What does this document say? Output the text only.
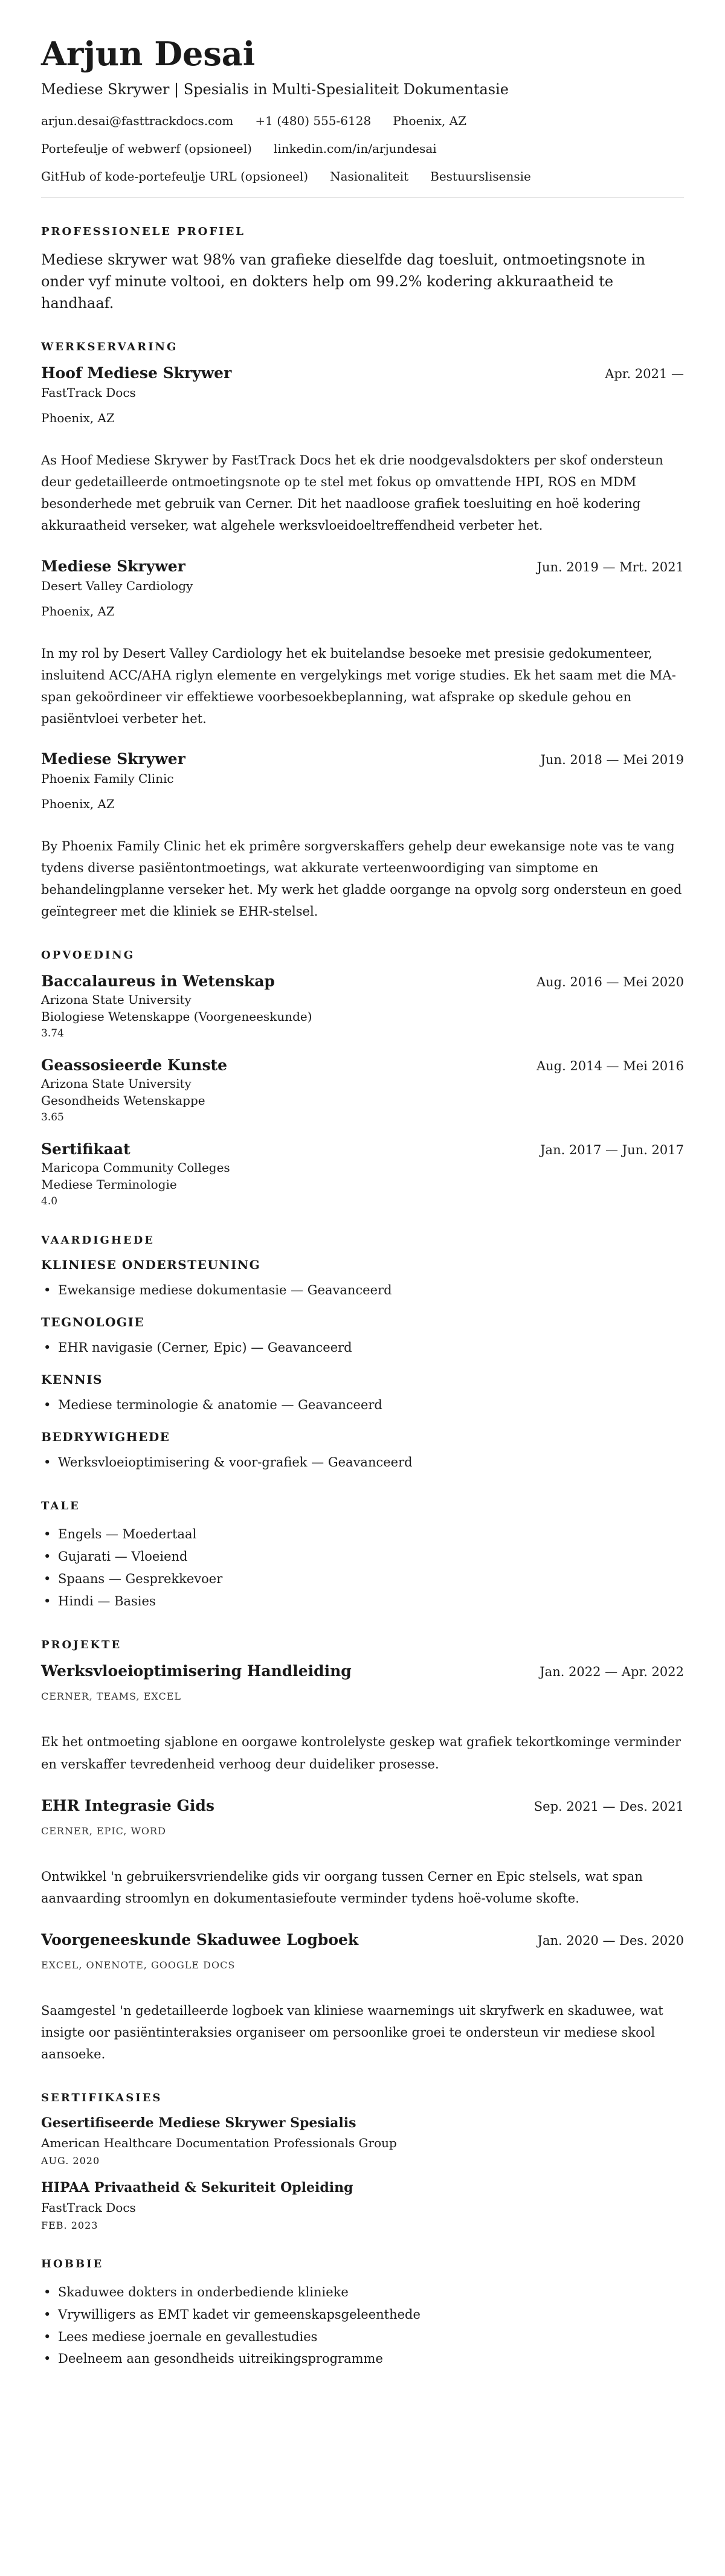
Arjun Desai
Mediese Skrywer | Spesialis in Multi-Spesialiteit Dokumentasie
arjun.desai@fasttrackdocs.com +1 (480) 555-6128 Phoenix, AZ
Portefeulje of webwerf (opsioneel) linkedin.com/in/arjundesai
GitHub of kode-portefeulje URL (opsioneel) Nasionaliteit Bestuurslisensie
PROFESSIONELE PROFIEL

Mediese skrywer wat 98% van grafieke dieselfde dag toesluit, ontmoetingsnote in onder vyf minute voltooi, en dokters help om 99.2% kodering akkuraatheid te handhaaf.

WERKSERVARING
Hoof Mediese Skrywer	Apr. 2021 —
FastTrack Docs
Phoenix, AZ

As Hoof Mediese Skrywer by FastTrack Docs het ek drie noodgevalsdokters per skof ondersteun deur gedetailleerde ontmoetingsnote op te stel met fokus op omvattende HPI, ROS en MDM besonderhede met gebruik van Cerner. Dit het naadloose grafiek toesluiting en hoë kodering akkuraatheid verseker, wat algehele werksvloeidoeltreffendheid verbeter het.

Mediese Skrywer	Jun. 2019 — Mrt. 2021
Desert Valley Cardiology
Phoenix, AZ

In my rol by Desert Valley Cardiology het ek buitelandse besoeke met presisie gedokumenteer, insluitend ACC/AHA riglyn elemente en vergelykings met vorige studies. Ek het saam met die MA-span gekoördineer vir effektiewe voorbesoekbeplanning, wat afsprake op skedule gehou en pasiëntvloei verbeter het.

Mediese Skrywer	Jun. 2018 — Mei 2019
Phoenix Family Clinic
Phoenix, AZ

By Phoenix Family Clinic het ek primêre sorgverskaffers gehelp deur ewekansige note vas te vang tydens diverse pasiëntontmoetings, wat akkurate verteenwoordiging van simptome en behandelingplanne verseker het. My werk het gladde oorgange na opvolg sorg ondersteun en goed geïntegreer met die kliniek se EHR-stelsel.

OPVOEDING
Baccalaureus in Wetenskap	Aug. 2016 — Mei 2020
Arizona State University
Biologiese Wetenskappe (Voorgeneeskunde)
3.74
Geassosieerde Kunste	Aug. 2014 — Mei 2016
Arizona State University
Gesondheids Wetenskappe
3.65
Sertifikaat	Jan. 2017 — Jun. 2017
Maricopa Community Colleges
Mediese Terminologie
4.0
VAARDIGHEDE
KLINIESE ONDERSTEUNING
• Ewekansige mediese dokumentasie — Geavanceerd
TEGNOLOGIE
• EHR navigasie (Cerner, Epic) — Geavanceerd
KENNIS
• Mediese terminologie & anatomie — Geavanceerd
BEDRYWIGHEDE
• Werksvloeioptimisering & voor-grafiek — Geavanceerd
TALE
• Engels — Moedertaal
• Gujarati — Vloeiend
• Spaans — Gesprekkevoer
• Hindi — Basies
PROJEKTE
Werksvloeioptimisering Handleiding	Jan. 2022 — Apr. 2022
CERNER, TEAMS, EXCEL

Ek het ontmoeting sjablone en oorgawe kontrolelyste geskep wat grafiek tekortkominge verminder en verskaffer tevredenheid verhoog deur duideliker prosesse.

EHR Integrasie Gids	Sep. 2021 — Des. 2021
CERNER, EPIC, WORD

Ontwikkel 'n gebruikersvriendelike gids vir oorgang tussen Cerner en Epic stelsels, wat span aanvaarding stroomlyn en dokumentasiefoute verminder tydens hoë-volume skofte.

Voorgeneeskunde Skaduwee Logboek	Jan. 2020 — Des. 2020
EXCEL, ONENOTE, GOOGLE DOCS

Saamgestel 'n gedetailleerde logboek van kliniese waarnemings uit skryfwerk en skaduwee, wat insigte oor pasiëntinteraksies organiseer om persoonlike groei te ondersteun vir mediese skool aansoeke.

SERTIFIKASIES
Gesertifiseerde Mediese Skrywer Spesialis
American Healthcare Documentation Professionals Group
AUG. 2020
HIPAA Privaatheid & Sekuriteit Opleiding
FastTrack Docs
FEB. 2023
HOBBIE
• Skaduwee dokters in onderbediende klinieke
• Vrywilligers as EMT kadet vir gemeenskapsgeleenthede
• Lees mediese joernale en gevallestudies
• Deelneem aan gesondheids uitreikingsprogramme
